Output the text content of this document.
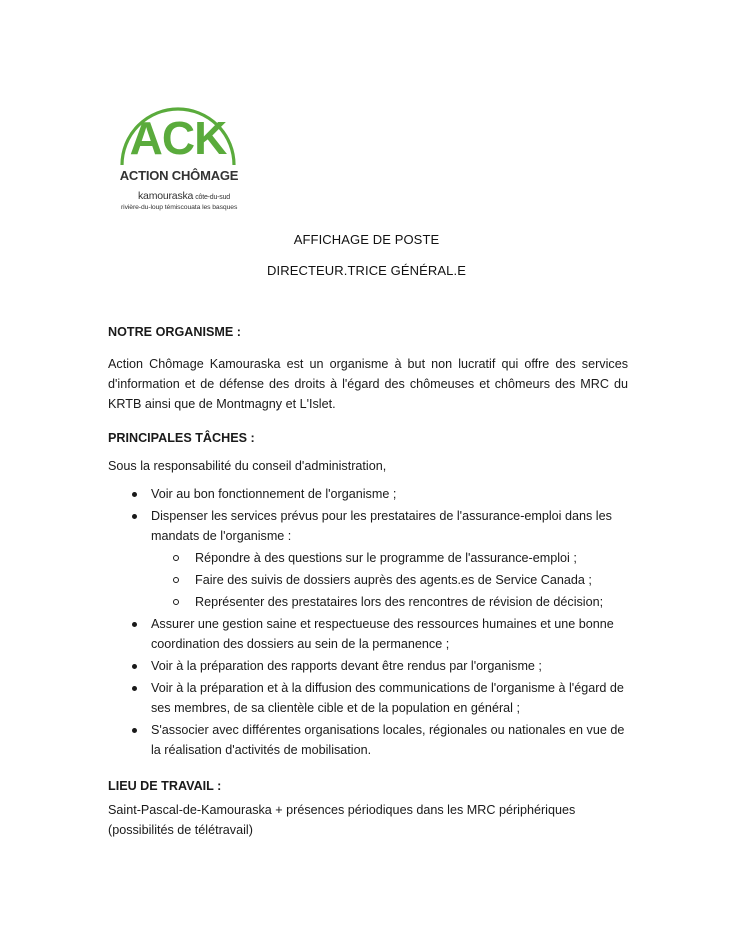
ACK
ACTION CHÔMAGE
kamouraska côte-du-sud
rivière-du-loup témiscouata les basques
AFFICHAGE DE POSTE
DIRECTEUR.TRICE GÉNÉRAL.E

NOTRE ORGANISME :

Action Chômage Kamouraska est un organisme à but non lucratif qui offre des services d'information et de défense des droits à l'égard des chômeuses et chômeurs des MRC du KRTB ainsi que de Montmagny et L'Islet.

PRINCIPALES TÂCHES :

Sous la responsabilité du conseil d'administration,

Voir au bon fonctionnement de l'organisme ;
Dispenser les services prévus pour les prestataires de l'assurance-emploi dans les mandats de l'organisme :
Répondre à des questions sur le programme de l'assurance-emploi ;
Faire des suivis de dossiers auprès des agents.es de Service Canada ;
Représenter des prestataires lors des rencontres de révision de décision;
Assurer une gestion saine et respectueuse des ressources humaines et une bonne coordination des dossiers au sein de la permanence ;
Voir à la préparation des rapports devant être rendus par l'organisme ;
Voir à la préparation et à la diffusion des communications de l'organisme à l'égard de ses membres, de sa clientèle cible et de la population en général ;
S'associer avec différentes organisations locales, régionales ou nationales en vue de la réalisation d'activités de mobilisation.

LIEU DE TRAVAIL :

Saint-Pascal-de-Kamouraska + présences périodiques dans les MRC périphériques

(possibilités de télétravail)
